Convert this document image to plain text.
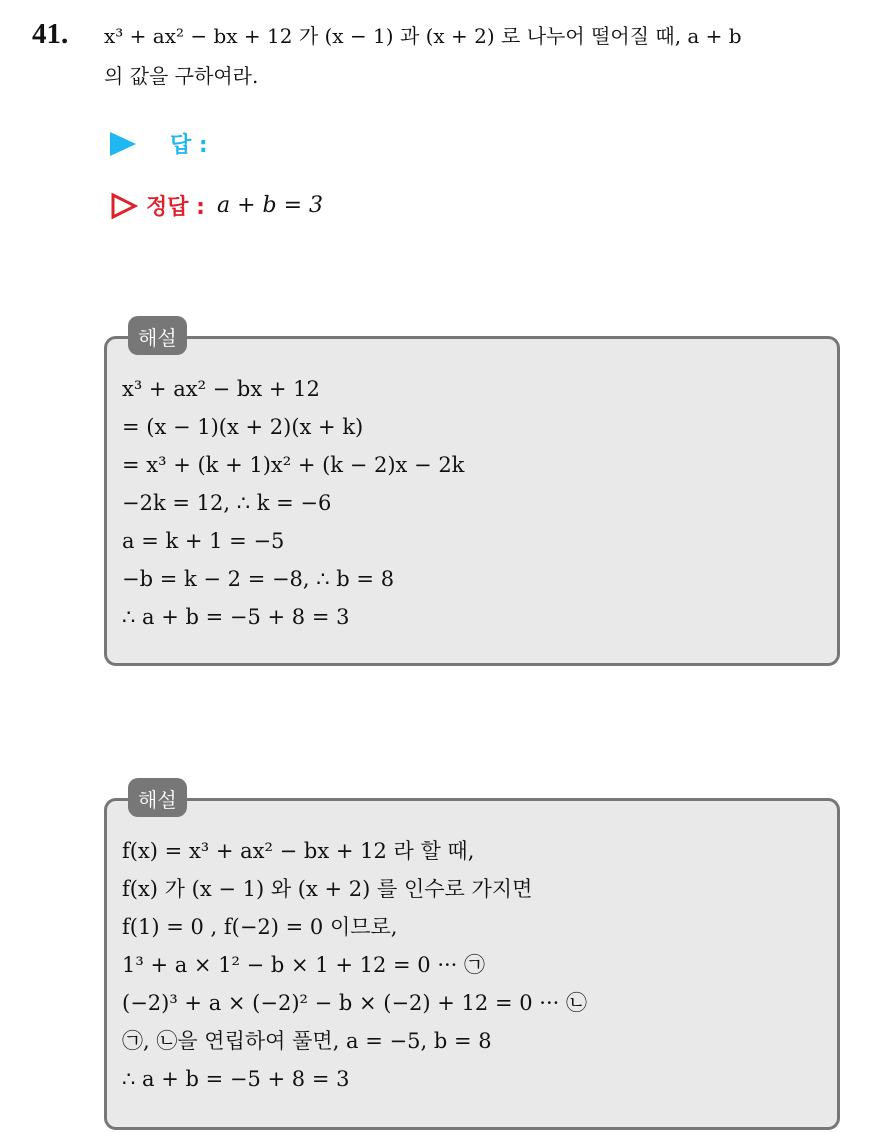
41. x³ + ax² − bx + 12 가 (x − 1) 과 (x + 2) 로 나누어 떨어질 때, a + b
의 값을 구하여라.
답 :
정답 : a + b = 3
해설
x³ + ax² − bx + 12
= (x − 1)(x + 2)(x + k)
= x³ + (k + 1)x² + (k − 2)x − 2k
−2k = 12, ∴ k = −6
a = k + 1 = −5
−b = k − 2 = −8, ∴ b = 8
∴ a + b = −5 + 8 = 3
해설
f(x) = x³ + ax² − bx + 12 라 할 때,
f(x) 가 (x − 1) 와 (x + 2) 를 인수로 가지면
f(1) = 0 , f(−2) = 0 이므로,
1³ + a × 1² − b × 1 + 12 = 0 ··· ㉠
(−2)³ + a × (−2)² − b × (−2) + 12 = 0 ··· ㉡
㉠, ㉡을 연립하여 풀면, a = −5, b = 8
∴ a + b = −5 + 8 = 3
